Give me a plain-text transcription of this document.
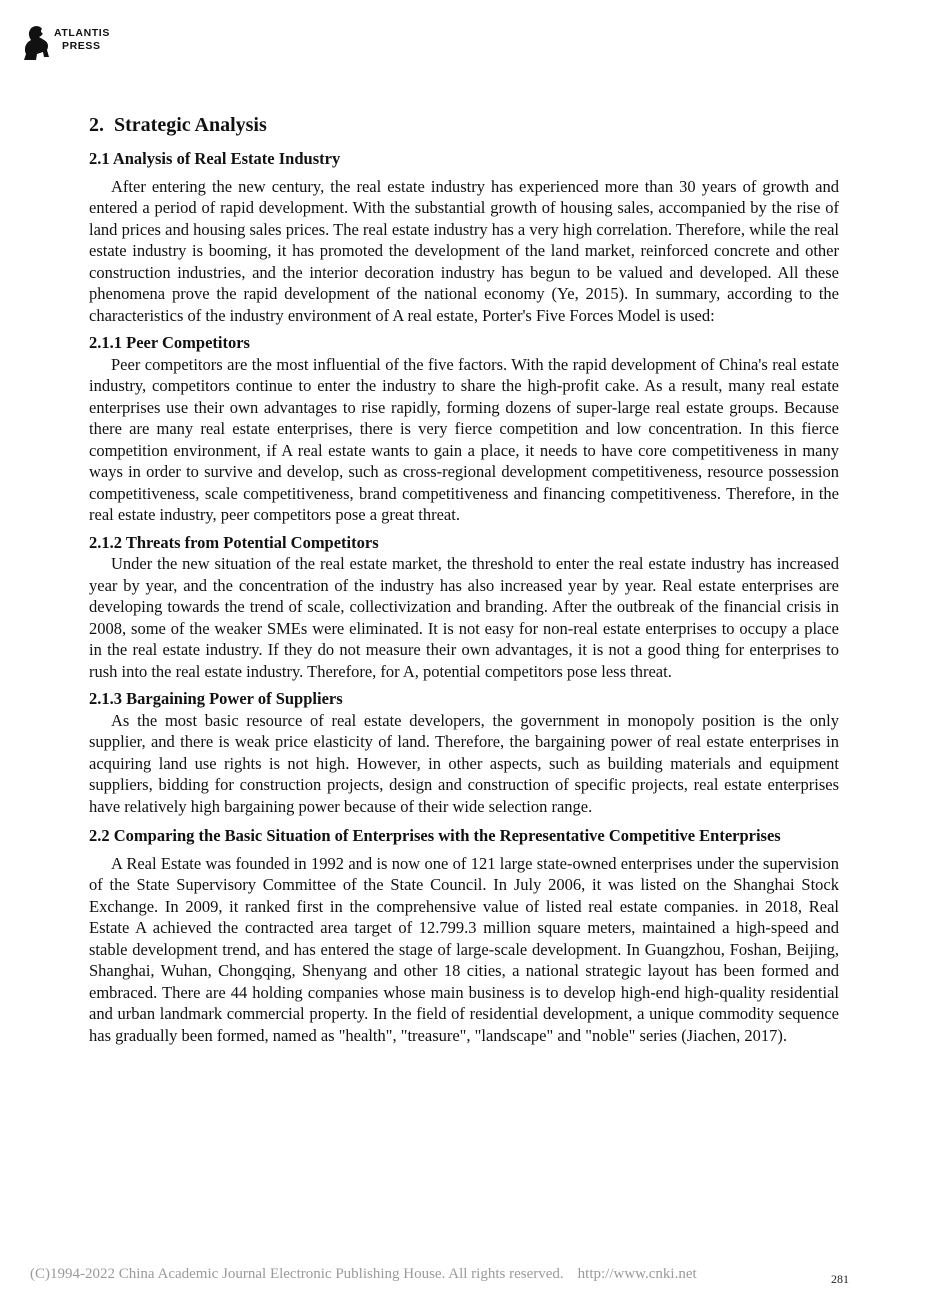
ATLANTIS
PRESS
2. Strategic Analysis
2.1 Analysis of Real Estate Industry

After entering the new century, the real estate industry has experienced more than 30 years of growth and entered a period of rapid development. With the substantial growth of housing sales, accompanied by the rise of land prices and housing sales prices. The real estate industry has a very high correlation. Therefore, while the real estate industry is booming, it has promoted the development of the land market, reinforced concrete and other construction industries, and the interior decoration industry has begun to be valued and developed. All these phenomena prove the rapid development of the national economy (Ye, 2015). In summary, according to the characteristics of the industry environment of A real estate, Porter's Five Forces Model is used:

2.1.1 Peer Competitors

Peer competitors are the most influential of the five factors. With the rapid development of China's real estate industry, competitors continue to enter the industry to share the high-profit cake. As a result, many real estate enterprises use their own advantages to rise rapidly, forming dozens of super-large real estate groups. Because there are many real estate enterprises, there is very fierce competition and low concentration. In this fierce competition environment, if A real estate wants to gain a place, it needs to have core competitiveness in many ways in order to survive and develop, such as cross-regional development competitiveness, resource possession competitiveness, scale competitiveness, brand competitiveness and financing competitiveness. Therefore, in the real estate industry, peer competitors pose a great threat.

2.1.2 Threats from Potential Competitors

Under the new situation of the real estate market, the threshold to enter the real estate industry has increased year by year, and the concentration of the industry has also increased year by year. Real estate enterprises are developing towards the trend of scale, collectivization and branding. After the outbreak of the financial crisis in 2008, some of the weaker SMEs were eliminated. It is not easy for non-real estate enterprises to occupy a place in the real estate industry. If they do not measure their own advantages, it is not a good thing for enterprises to rush into the real estate industry. Therefore, for A, potential competitors pose less threat.

2.1.3 Bargaining Power of Suppliers

As the most basic resource of real estate developers, the government in monopoly position is the only supplier, and there is weak price elasticity of land. Therefore, the bargaining power of real estate enterprises in acquiring land use rights is not high. However, in other aspects, such as building materials and equipment suppliers, bidding for construction projects, design and construction of specific projects, real estate enterprises have relatively high bargaining power because of their wide selection range.

2.2 Comparing the Basic Situation of Enterprises with the Representative Competitive Enterprises

A Real Estate was founded in 1992 and is now one of 121 large state-owned enterprises under the supervision of the State Supervisory Committee of the State Council. In July 2006, it was listed on the Shanghai Stock Exchange. In 2009, it ranked first in the comprehensive value of listed real estate companies. in 2018, Real Estate A achieved the contracted area target of 12.799.3 million square meters, maintained a high-speed and stable development trend, and has entered the stage of large-scale development. In Guangzhou, Foshan, Beijing, Shanghai, Wuhan, Chongqing, Shenyang and other 18 cities, a national strategic layout has been formed and embraced. There are 44 holding companies whose main business is to develop high-end high-quality residential and urban landmark commercial property. In the field of residential development, a unique commodity sequence has gradually been formed, named as "health", "treasure", "landscape" and "noble" series (Jiachen, 2017).

(C)1994-2022 China Academic Journal Electronic Publishing House. All rights reserved. http://www.cnki.net	281
